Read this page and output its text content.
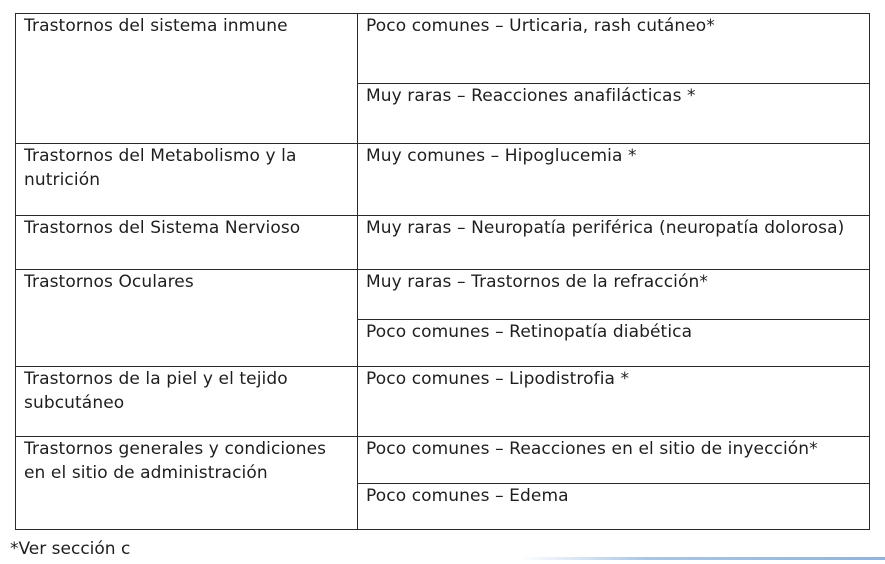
Trastornos del sistema inmune	Poco comunes – Urticaria, rash cutáneo*

	Muy raras – Reacciones anafilácticas *

Trastornos del Metabolismo y la nutrición	Muy comunes – Hipoglucemia *

Trastornos del Sistema Nervioso	Muy raras – Neuropatía periférica (neuropatía dolorosa)

Trastornos Oculares	Muy raras – Trastornos de la refracción*

	Poco comunes – Retinopatía diabética

Trastornos de la piel y el tejido subcutáneo	Poco comunes – Lipodistrofia *

Trastornos generales y condiciones en el sitio de administración	Poco comunes – Reacciones en el sitio de inyección*

	Poco comunes – Edema
*Ver sección c
